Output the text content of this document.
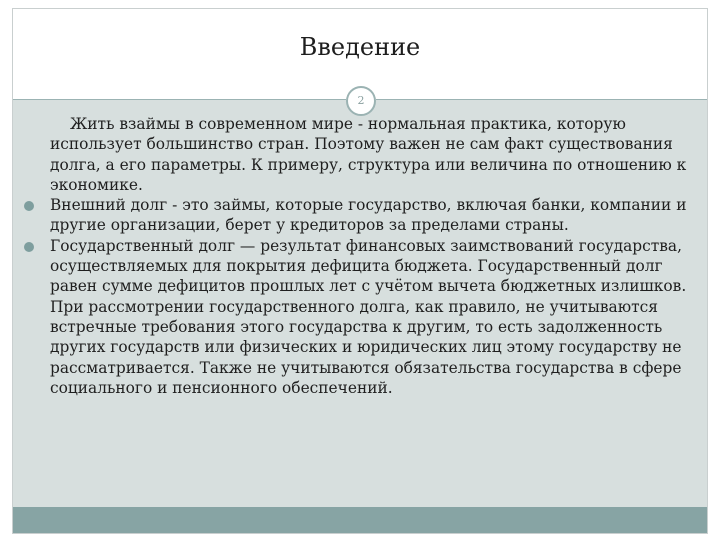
Введение
2

Жить взаймы в современном мире - нормальная практика, которую использует большинство стран. Поэтому важен не сам факт существования долга, а его параметры. К примеру, структура или величина по отношению к экономике.

Внешний долг - это займы, которые государство, включая банки, компании и другие организации, берет у кредиторов за пределами страны.
Государственный долг — результат финансовых заимствований государства, осуществляемых для покрытия дефицита бюджета. Государственный долг равен сумме дефицитов прошлых лет с учётом вычета бюджетных излишков.

При рассмотрении государственного долга, как правило, не учитываются встречные требования этого государства к другим, то есть задолженность других государств или физических и юридических лиц этому государству не рассматривается. Также не учитываются обязательства государства в сфере социального и пенсионного обеспечений.
